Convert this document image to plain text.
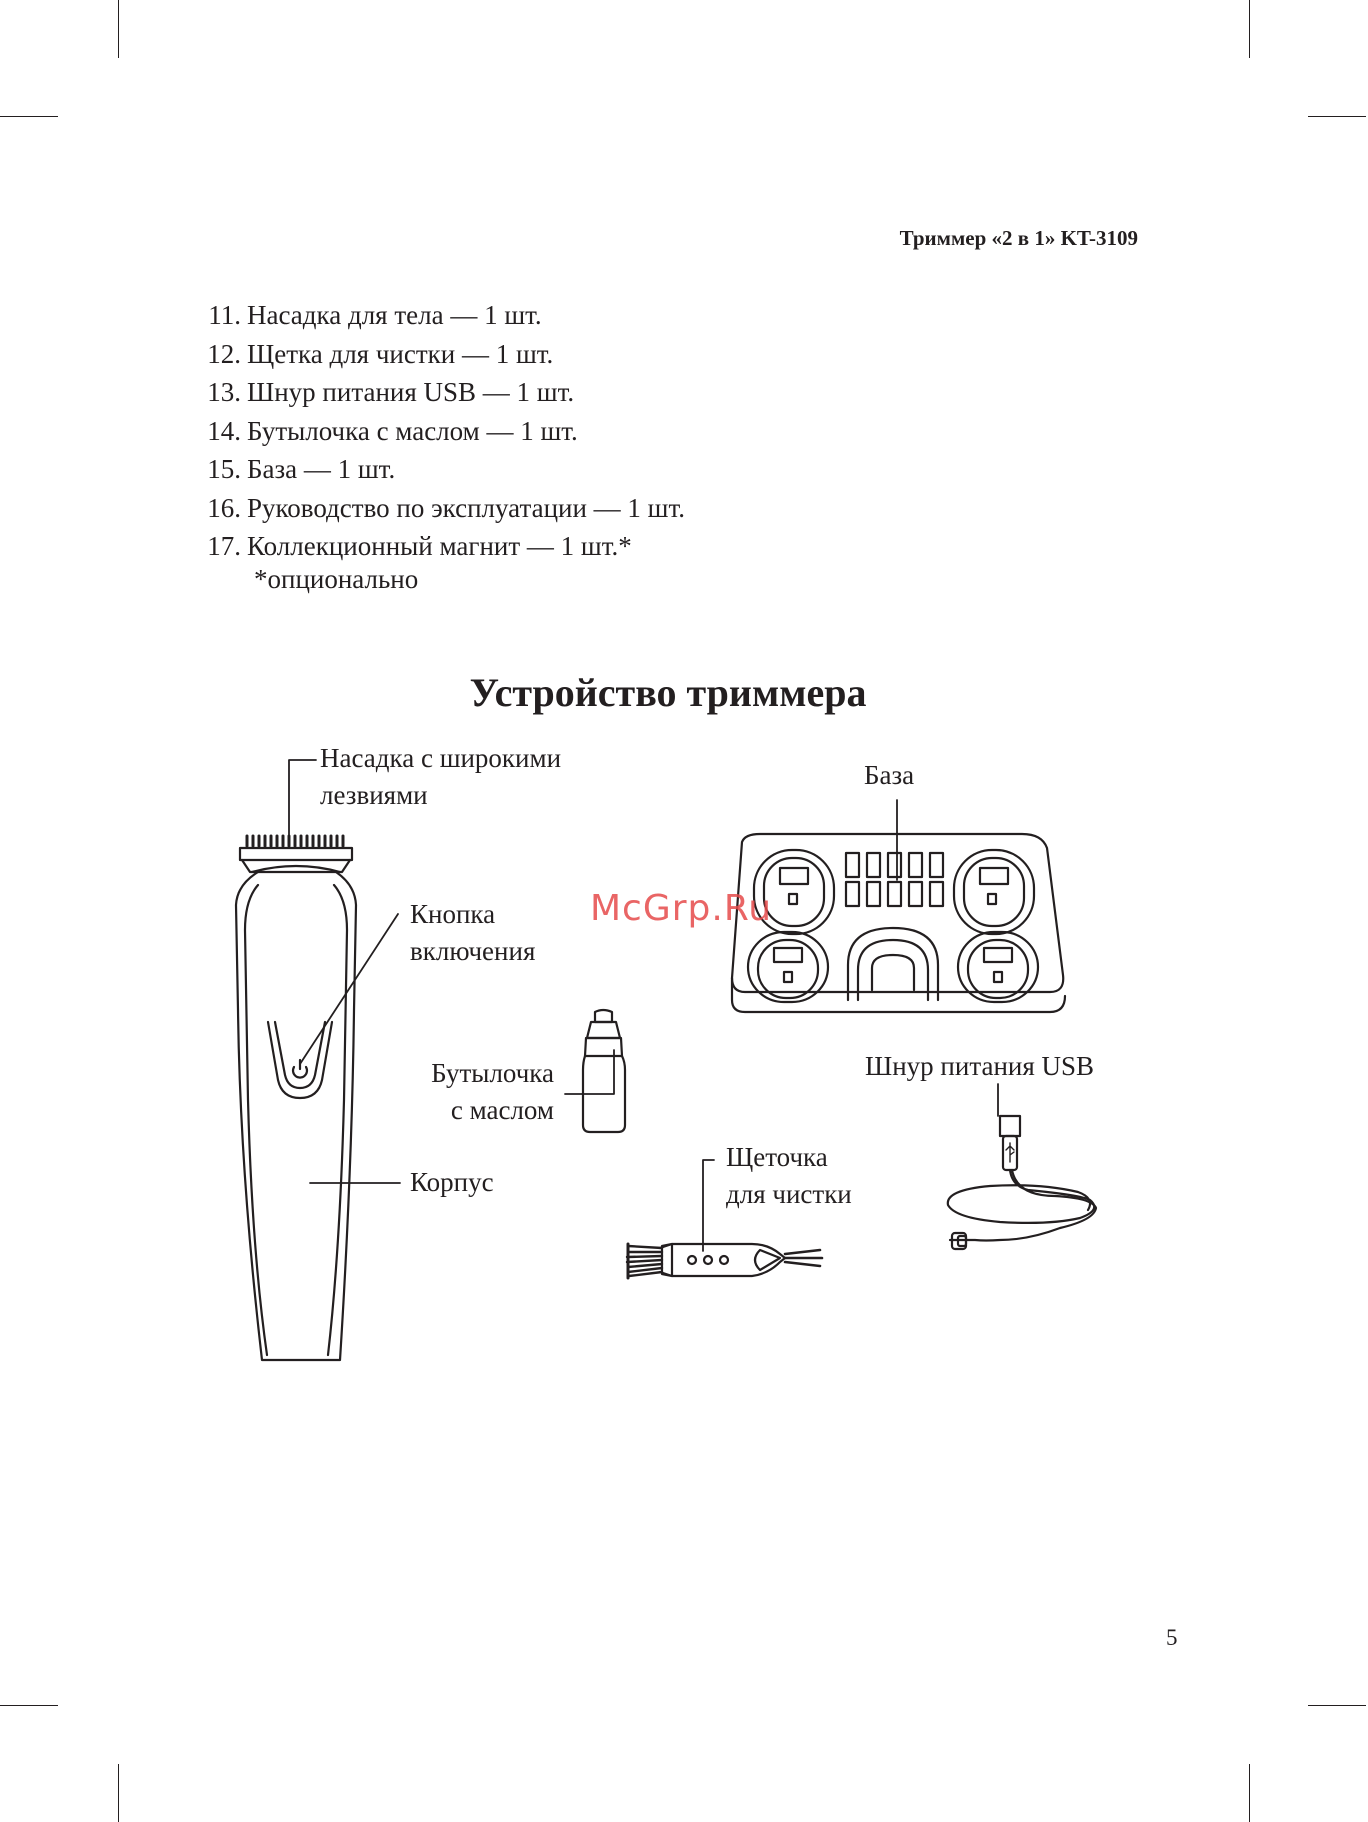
Триммер «2 в 1» KT-3109
11. Насадка для тела — 1 шт.
12. Щетка для чистки — 1 шт.
13. Шнур питания USB — 1 шт.
14. Бутылочка с маслом — 1 шт.
15. База — 1 шт.
16. Руководство по эксплуатации — 1 шт.
17. Коллекционный магнит — 1 шт.*
*опционально
Устройство триммера
Насадка с широкими
лезвиями
База
Кнопка
включения
Бутылочка
с маслом
Шнур питания USB
Щеточка
для чистки
Корпус
McGrp.Ru
5
